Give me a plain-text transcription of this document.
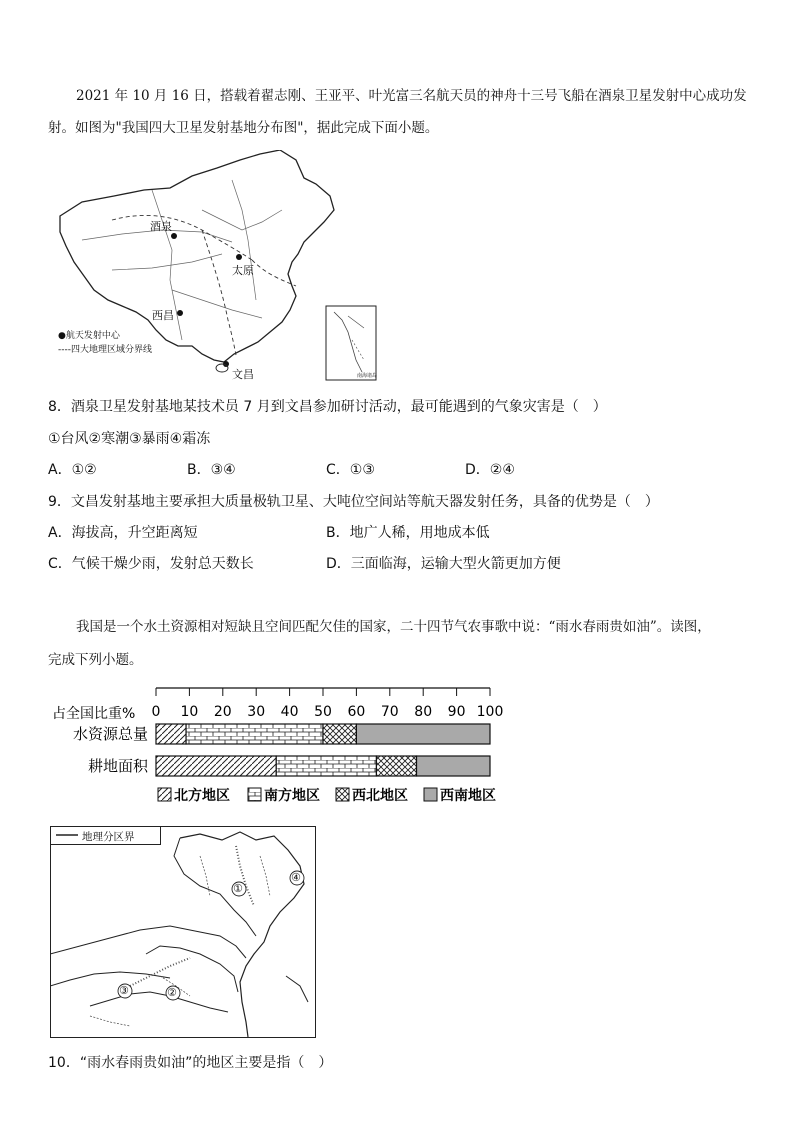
2021 年 10 月 16 日，搭载着翟志刚、王亚平、叶光富三名航天员的神舟十三号飞船在酒泉卫星发射中心成功发
射。如图为"我国四大卫星发射基地分布图"，据此完成下面小题。
酒泉
太原
西昌
文昌
●航天发射中心
----四大地理区域分界线
南海诸岛
8．酒泉卫星发射基地某技术员 7 月到文昌参加研讨活动，最可能遇到的气象灾害是（　）
①台风②寒潮③暴雨④霜冻
A．①②	B．③④	C．①③	D．②④
9．文昌发射基地主要承担大质量极轨卫星、大吨位空间站等航天器发射任务，具备的优势是（　）
A．海拔高，升空距离短	B．地广人稀，用地成本低
C．气候干燥少雨，发射总天数长	D．三面临海，运输大型火箭更加方便
我国是一个水土资源相对短缺且空间匹配欠佳的国家，二十四节气农事歌中说：“雨水春雨贵如油”。读图，
完成下列小题。
0 10 20 30 40 50 60 70 80 90 100
占全国比重%
水资源总量
耕地面积
北方地区 南方地区 西北地区 西南地区
地理分区界
①
④
②
③
10．“雨水春雨贵如油”的地区主要是指（　）
